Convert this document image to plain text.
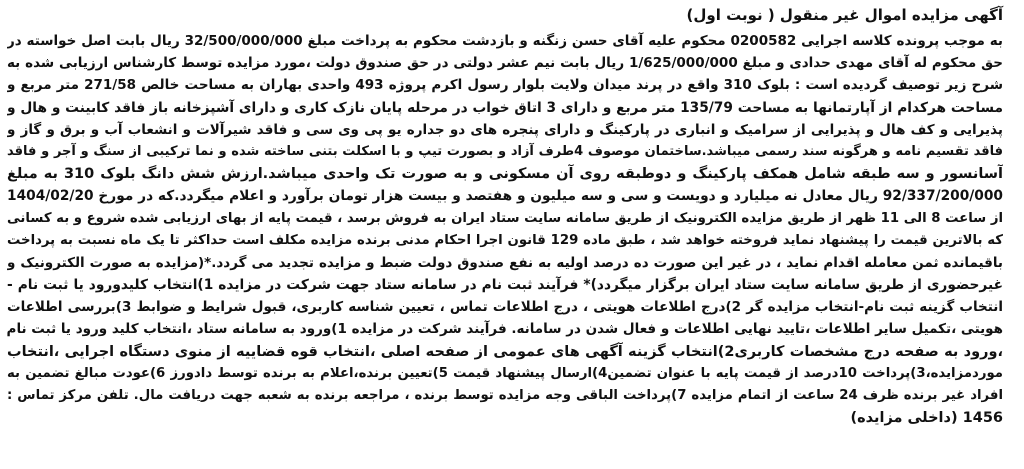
آگهی مزایده اموال غیر منقول ( نوبت اول)
به موجب پرونده کلاسه اجرایی 0200582 محکوم علیه آقای حسن زنگنه و بازدشت محکوم به پرداخت مبلغ 32/500/000/000 ریال بابت اصل خواسته در
حق محکوم له آقای مهدی حدادی و مبلغ 1/625/000/000 ریال بابت نیم عشر دولتی در حق صندوق دولت ،مورد مزایده توسط کارشناس ارزیابی شده به
شرح زیر توصیف گردیده است : بلوک 310 واقع در پرند میدان ولایت بلوار رسول اکرم پروژه 493 واحدی بهاران به مساحت خالص 271/58 متر مربع و
مساحت هرکدام از آپارتمانها به مساحت 135/79 متر مربع و دارای 3 اتاق خواب در مرحله پایان نازک کاری و دارای آشپزخانه باز فاقد کابینت و هال و
پذیرایی و کف هال و پذیرایی از سرامیک و انباری در پارکینگ و دارای پنجره های دو جداره یو پی وی سی و فاقد شیرآلات و انشعاب آب و برق و گاز و
فاقد تقسیم نامه و هرگونه سند رسمی میباشد.ساختمان موصوف 4طرف آزاد و بصورت تیپ و با اسکلت بتنی ساخته شده و نما ترکیبی از سنگ و آجر و فاقد
آسانسور و سه طبقه شامل همکف پارکینگ و دوطبقه روی آن مسکونی و به صورت تک واحدی میباشد.ارزش شش دانگ بلوک 310 به مبلغ
92/337/200/000 ریال معادل نه میلیارد و دویست و سی و سه میلیون و هفتصد و بیست هزار تومان برآورد و اعلام میگردد.که در مورخ 1404/02/20
از ساعت 8 الی 11 ظهر از طریق مزایده الکترونیک از طریق سامانه سایت ستاد ایران به فروش برسد ، قیمت پایه از بهای ارزیابی شده شروع و به کسانی
که بالاترین قیمت را پیشنهاد نماید فروخته خواهد شد ، طبق ماده 129 قانون اجرا احکام مدنی برنده مزایده مکلف است حداکثر تا یک ماه نسبت به پرداخت
باقیمانده ثمن معامله اقدام نماید ، در غیر این صورت ده درصد اولیه به نفع صندوق دولت ضبط و مزایده تجدید می گردد.*(مزایده به صورت الکترونیک و
غیرحضوری از طریق سامانه سایت ستاد ایران برگزار میگردد)* فرآیند ثبت نام در سامانه ستاد جهت شرکت در مزایده 1)انتخاب کلیدورود یا ثبت نام -
انتخاب گزینه ثبت نام-انتخاب مزایده گر 2)درج اطلاعات هویتی ، درج اطلاعات تماس ، تعیین شناسه کاربری، قبول شرایط و ضوابط 3)بررسی اطلاعات
هویتی ،تکمیل سایر اطلاعات ،تایید نهایی اطلاعات و فعال شدن در سامانه. فرآیند شرکت در مزایده 1)ورود به سامانه ستاد ،انتخاب کلید ورود یا ثبت نام
،ورود به صفحه درج مشخصات کاربری2)انتخاب گزینه آگهی های عمومی از صفحه اصلی ،انتخاب قوه قضاییه از منوی دستگاه اجرایی ،انتخاب
موردمزایده،3)پرداخت 10درصد از قیمت پایه با عنوان تضمین4)ارسال پیشنهاد قیمت 5)تعیین برنده،اعلام به برنده توسط دادورز 6)عودت مبالغ تضمین به
افراد غیر برنده ظرف 24 ساعت از اتمام مزایده 7)پرداخت الباقی وجه مزایده توسط برنده ، مراجعه برنده به شعبه جهت دریافت مال. تلفن مرکز تماس :
1456 (داخلی مزایده)
